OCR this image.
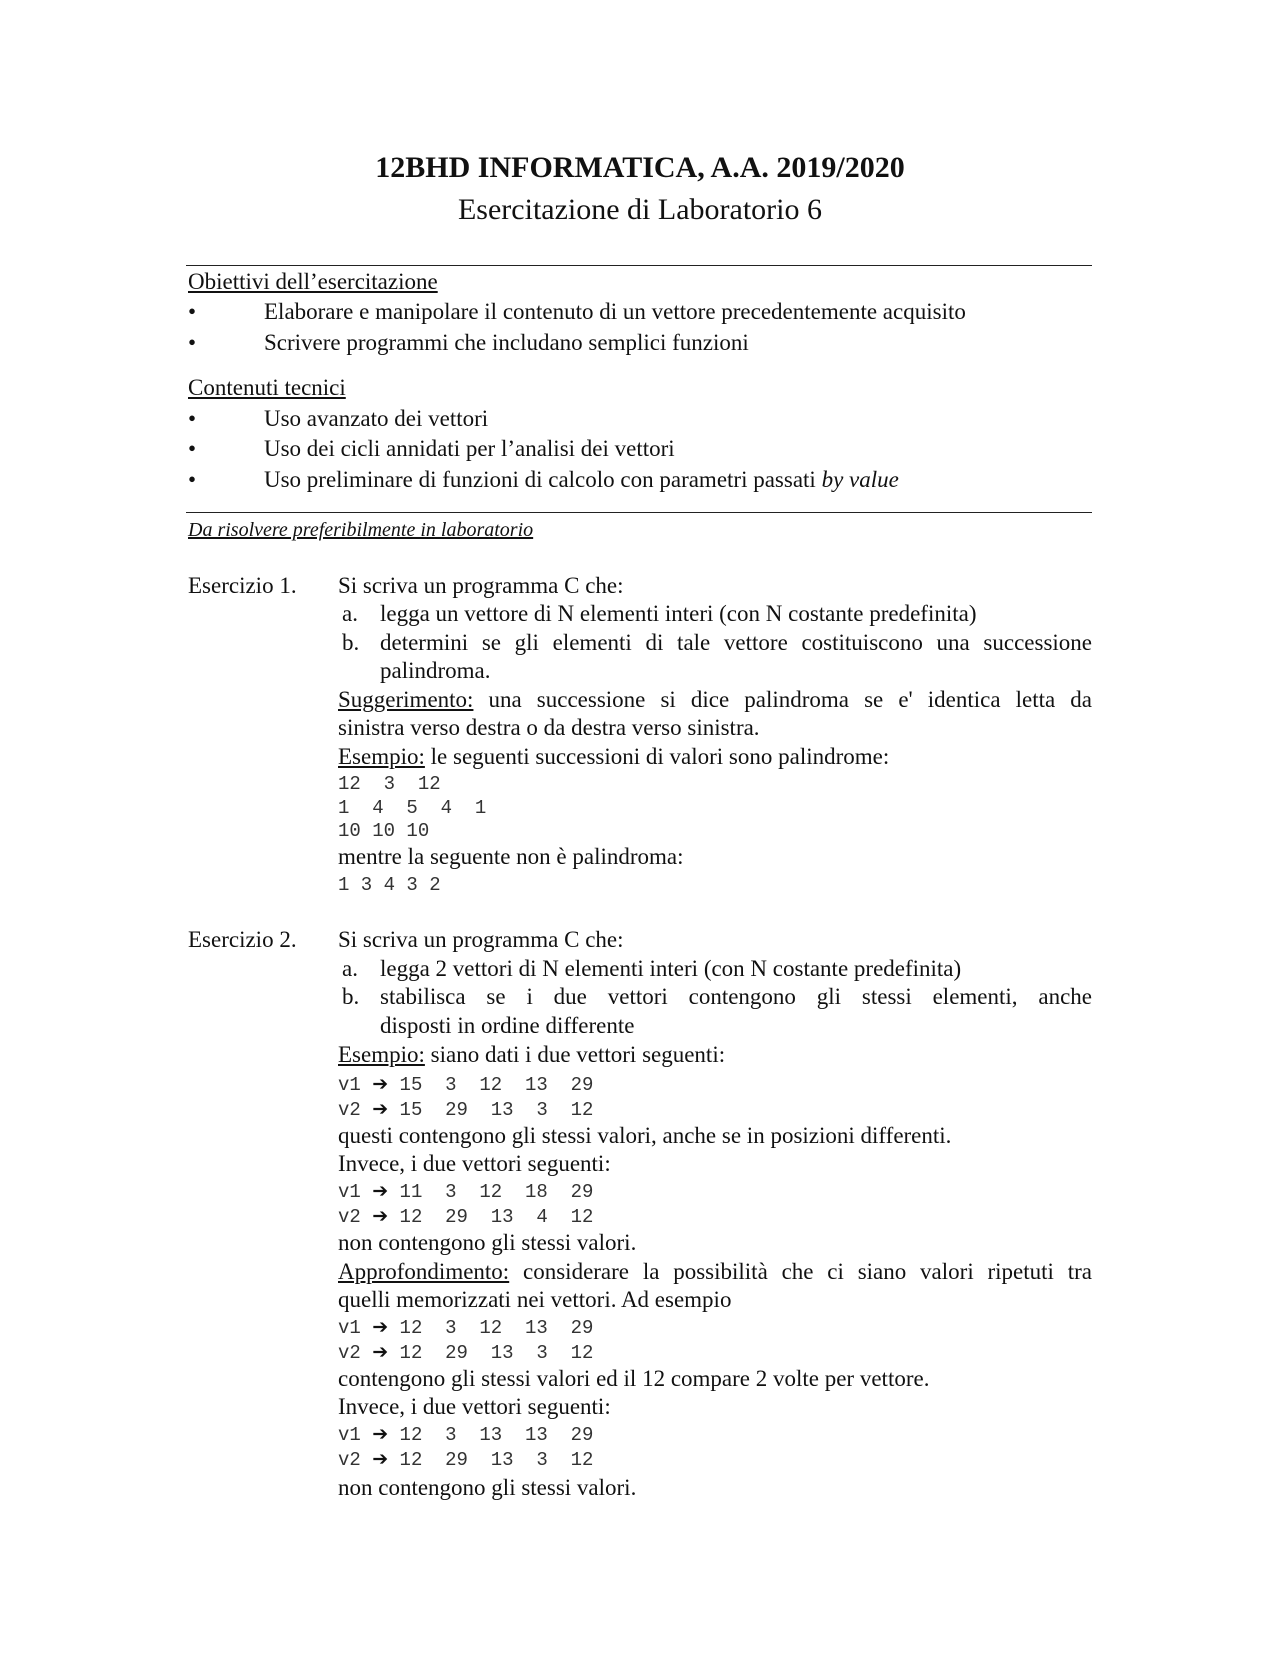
12BHD INFORMATICA, A.A. 2019/2020
Esercitazione di Laboratorio 6
Obiettivi dell’esercitazione
•	Elaborare e manipolare il contenuto di un vettore precedentemente acquisito
•	Scrivere programmi che includano semplici funzioni
Contenuti tecnici
•	Uso avanzato dei vettori
•	Uso dei cicli annidati per l’analisi dei vettori
•	Uso preliminare di funzioni di calcolo con parametri passati by value
Da risolvere preferibilmente in laboratorio
Esercizio 1. Si scriva un programma C che:
a. legga un vettore di N elementi interi (con N costante predefinita)
b. determini se gli elementi di tale vettore costituiscono una successione
palindroma.
Suggerimento: una successione si dice palindroma se e' identica letta da
sinistra verso destra o da destra verso sinistra.
Esempio: le seguenti successioni di valori sono palindrome:
12  3  12
1  4  5  4  1
10 10 10
mentre la seguente non è palindroma:
1 3 4 3 2
Esercizio 2. Si scriva un programma C che:
a. legga 2 vettori di N elementi interi (con N costante predefinita)
b. stabilisca se i due vettori contengono gli stessi elementi, anche
disposti in ordine differente
Esempio: siano dati i due vettori seguenti:
v1 ➔ 15  3  12  13  29
v2 ➔ 15  29  13  3  12
questi contengono gli stessi valori, anche se in posizioni differenti.
Invece, i due vettori seguenti:
v1 ➔ 11  3  12  18  29
v2 ➔ 12  29  13  4  12
non contengono gli stessi valori.
Approfondimento: considerare la possibilità che ci siano valori ripetuti tra
quelli memorizzati nei vettori. Ad esempio
v1 ➔ 12  3  12  13  29
v2 ➔ 12  29  13  3  12
contengono gli stessi valori ed il 12 compare 2 volte per vettore.
Invece, i due vettori seguenti:
v1 ➔ 12  3  13  13  29
v2 ➔ 12  29  13  3  12
non contengono gli stessi valori.
